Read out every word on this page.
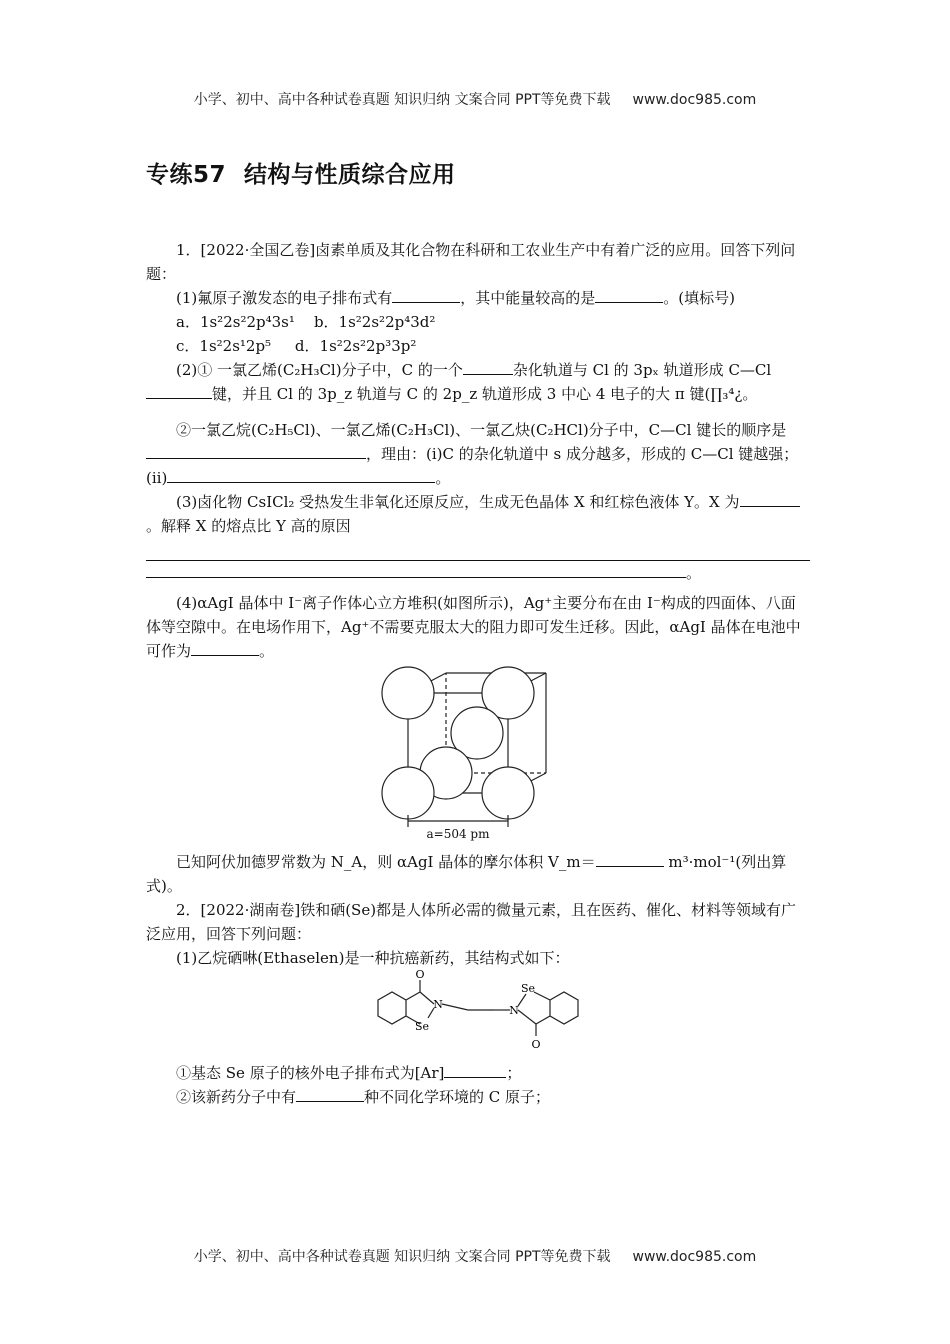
小学、初中、高中各种试卷真题 知识归纳 文案合同 PPT等免费下载 www.doc985.com
专练57 结构与性质综合应用

1．[2022·全国乙卷]卤素单质及其化合物在科研和工农业生产中有着广泛的应用。回答下列问题：

(1)氟原子激发态的电子排布式有	，其中能量较高的是	。(填标号)

a．1s²2s²2p⁴3s¹ b．1s²2s²2p⁴3d²

c．1s²2s¹2p⁵ d．1s²2s²2p³3p²

(2)① 一氯乙烯(C₂H₃Cl)分子中，C 的一个	杂化轨道与 Cl 的 3pₓ 轨道形成 C—Cl键，并且 Cl 的 3p_z 轨道与 C 的 2p_z 轨道形成 3 中心 4 电子的大 π 键(∏₃⁴¿。

②一氯乙烷(C₂H₅Cl)、一氯乙烯(C₂H₃Cl)、一氯乙炔(C₂HCl)分子中，C—Cl 键长的顺序是，理由：(ⅰ)C 的杂化轨道中 s 成分越多，形成的 C—Cl 键越强；(ⅱ)	。

(3)卤化物 CsICl₂ 受热发生非氧化还原反应，生成无色晶体 X 和红棕色液体 Y。X 为。解释 X 的熔点比 Y 高的原因

。

(4)αAgI 晶体中 I⁻离子作体心立方堆积(如图所示)，Ag⁺主要分布在由 I⁻构成的四面体、八面体等空隙中。在电场作用下，Ag⁺不需要克服太大的阻力即可发生迁移。因此，αAgI 晶体在电池中可作为	。

a=504 pm

已知阿伏加德罗常数为 N_A，则 αAgI 晶体的摩尔体积 V_m＝	m³·mol⁻¹(列出算式)。

2．[2022·湖南卷]铁和硒(Se)都是人体所必需的微量元素，且在医药、催化、材料等领域有广泛应用，回答下列问题：

(1)乙烷硒啉(Ethaselen)是一种抗癌新药，其结构式如下：

O
N
Se
N
Se
O

①基态 Se 原子的核外电子排布式为[Ar]	；

②该新药分子中有	种不同化学环境的 C 原子；

小学、初中、高中各种试卷真题 知识归纳 文案合同 PPT等免费下载 www.doc985.com
